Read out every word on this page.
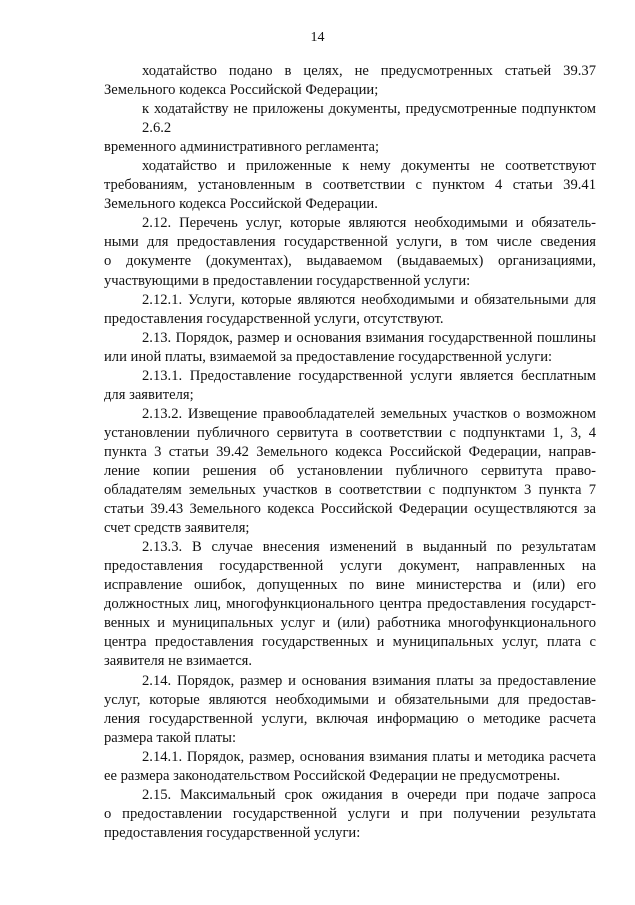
14
ходатайство подано в целях, не предусмотренных статьей 39.37
Земельного кодекса Российской Федерации;
к ходатайству не приложены документы, предусмотренные подпунктом 2.6.2
временного административного регламента;
ходатайство и приложенные к нему документы не соответствуют
требованиям, установленным в соответствии с пунктом 4 статьи 39.41
Земельного кодекса Российской Федерации.
2.12. Перечень услуг, которые являются необходимыми и обязатель-
ными для предоставления государственной услуги, в том числе сведения
о документе (документах), выдаваемом (выдаваемых) организациями,
участвующими в предоставлении государственной услуги:
2.12.1. Услуги, которые являются необходимыми и обязательными для
предоставления государственной услуги, отсутствуют.
2.13. Порядок, размер и основания взимания государственной пошлины
или иной платы, взимаемой за предоставление государственной услуги:
2.13.1. Предоставление государственной услуги является бесплатным
для заявителя;
2.13.2. Извещение правообладателей земельных участков о возможном
установлении публичного сервитута в соответствии с подпунктами 1, 3, 4
пункта 3 статьи 39.42 Земельного кодекса Российской Федерации, направ-
ление копии решения об установлении публичного сервитута право-
обладателям земельных участков в соответствии с подпунктом 3 пункта 7
статьи 39.43 Земельного кодекса Российской Федерации осуществляются за
счет средств заявителя;
2.13.3. В случае внесения изменений в выданный по результатам
предоставления государственной услуги документ, направленных на
исправление ошибок, допущенных по вине министерства и (или) его
должностных лиц, многофункционального центра предоставления государст-
венных и муниципальных услуг и (или) работника многофункционального
центра предоставления государственных и муниципальных услуг, плата с
заявителя не взимается.
2.14. Порядок, размер и основания взимания платы за предоставление
услуг, которые являются необходимыми и обязательными для предостав-
ления государственной услуги, включая информацию о методике расчета
размера такой платы:
2.14.1. Порядок, размер, основания взимания платы и методика расчета
ее размера законодательством Российской Федерации не предусмотрены.
2.15. Максимальный срок ожидания в очереди при подаче запроса
о предоставлении государственной услуги и при получении результата
предоставления государственной услуги:
